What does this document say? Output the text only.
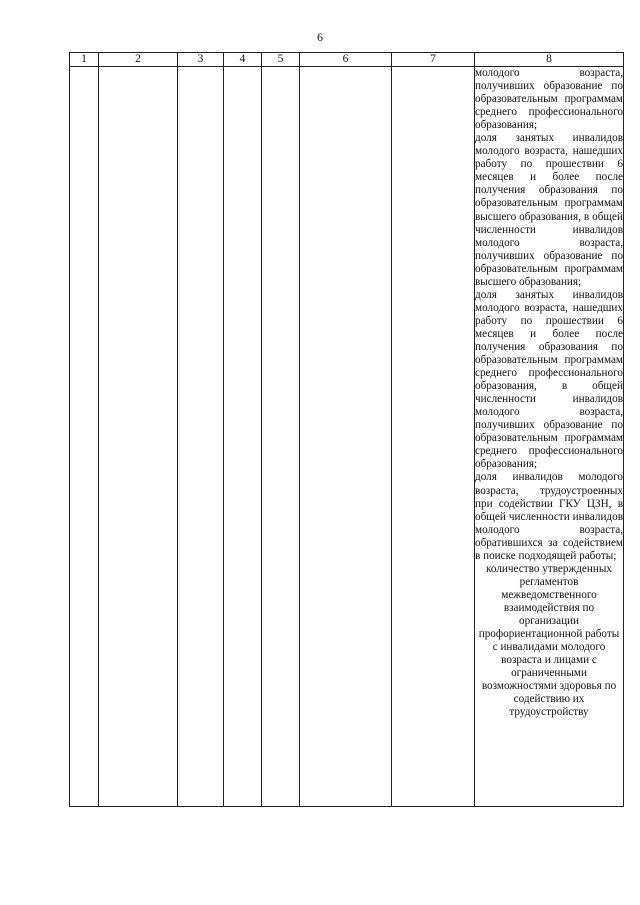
6
1	2	3	4	5	6	7	8

							молодого возраста, получивших образование по образовательным программам среднего профессионального образования;

доля занятых инвалидов молодого возраста, нашедших работу по прошествии 6 месяцев и более после получения образования по образовательным программам высшего образования, в общей численности инвалидов молодого возраста, получивших образование по образовательным программам высшего образования;

доля занятых инвалидов молодого возраста, нашедших работу по прошествии 6 месяцев и более после получения образования по образовательным программам среднего профессионального образования, в общей численности инвалидов молодого возраста, получивших образование по образовательным программам среднего профессионального образования;

доля инвалидов молодого возраста, трудоустроенных при содействии ГКУ ЦЗН, в общей численности инвалидов молодого возраста, обратившихся за содействием в поиске подходящей работы;

количество утвержденных регламентов межведомственного взаимодействия по организации профориентационной работы с инвалидами молодого возраста и лицами с ограниченными возможностями здоровья по содействию их трудоустройству
